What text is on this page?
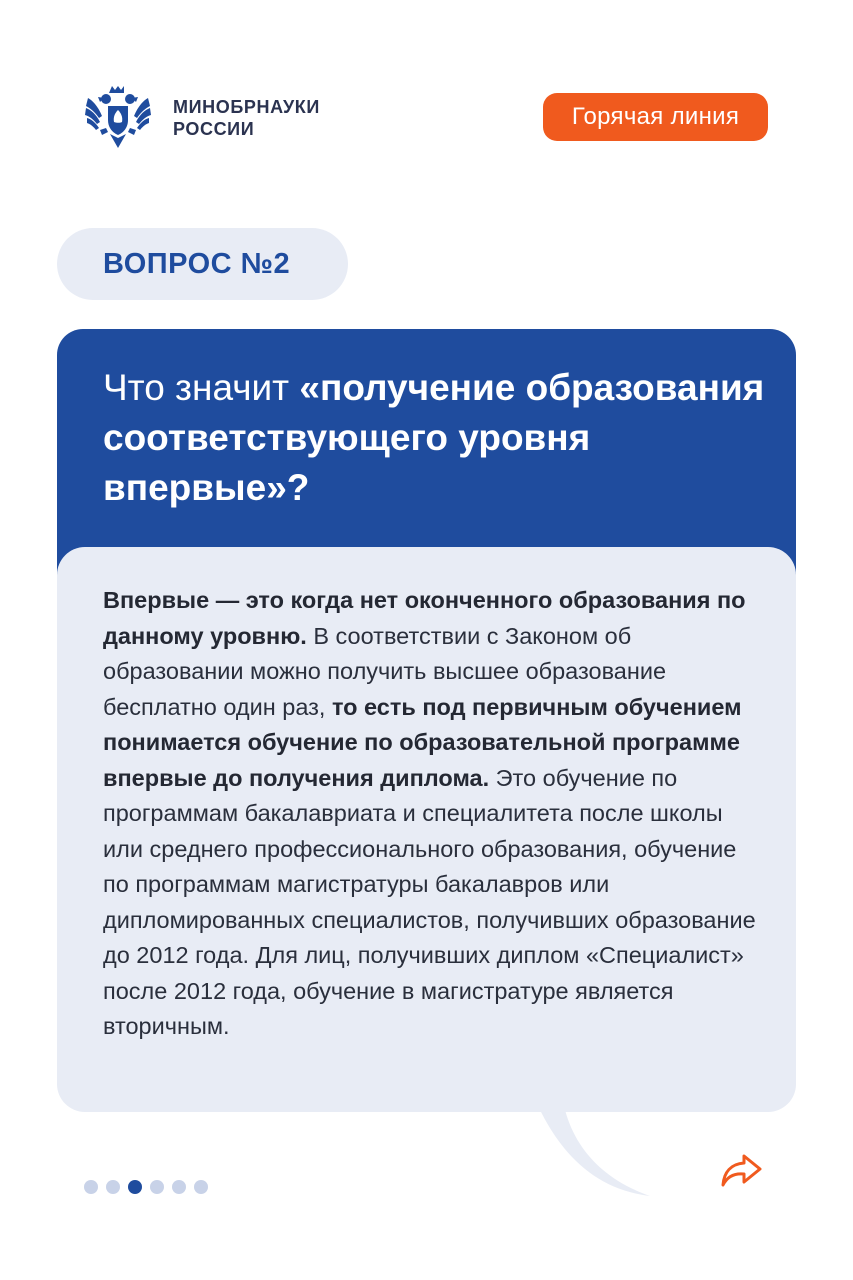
МИНОБРНАУКИ
РОССИИ	Горячая линия
ВОПРОС №2
Что значит «получение образования соответствующего уровня впервые»?
Впервые — это когда нет оконченного образования по данному уровню. В соответствии с Законом об образовании можно получить высшее образование бесплатно один раз, то есть под первичным обучением понимается обучение по образовательной программе впервые до получения диплома. Это обучение по программам бакалавриата и специалитета после школы или среднего профессионального образования, обучение по программам магистратуры бакалавров или дипломированных специалистов, получивших образование до 2012 года. Для лиц, получивших диплом «Специалист» после 2012 года, обучение в магистратуре является вторичным.
